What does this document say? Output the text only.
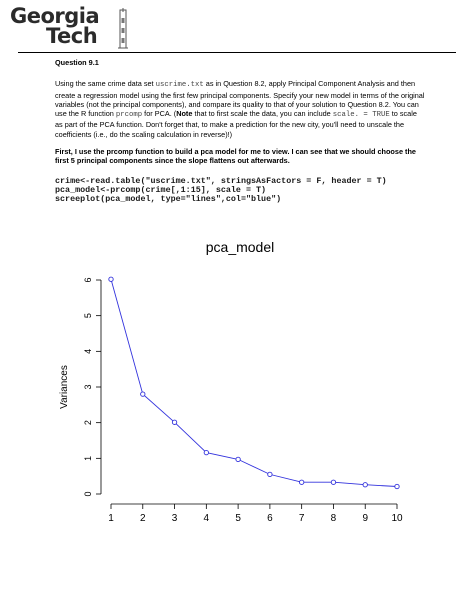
Georgia
Tech

Question 9.1

Using the same crime data set uscrime.txt as in Question 8.2, apply Principal Component Analysis and then create a regression model using the first few principal components. Specify your new model in terms of the original variables (not the principal components), and compare its quality to that of your solution to Question 8.2. You can use the R function prcomp for PCA. (Note that to first scale the data, you can include scale. = TRUE to scale as part of the PCA function. Don't forget that, to make a prediction for the new city, you'll need to unscale the coefficients (i.e., do the scaling calculation in reverse)!)

First, I use the prcomp function to build a pca model for me to view. I can see that we should choose the first 5 principal components since the slope flattens out afterwards.

crime<-read.table("uscrime.txt", stringsAsFactors = F, header = T)
pca_model<-prcomp(crime[,1:15], scale = T)
screeplot(pca_model, type="lines",col="blue")
pca_model
Variances
0
1
2
3
4
5
6
1	2	3	4	5	6	7	8	9 10
